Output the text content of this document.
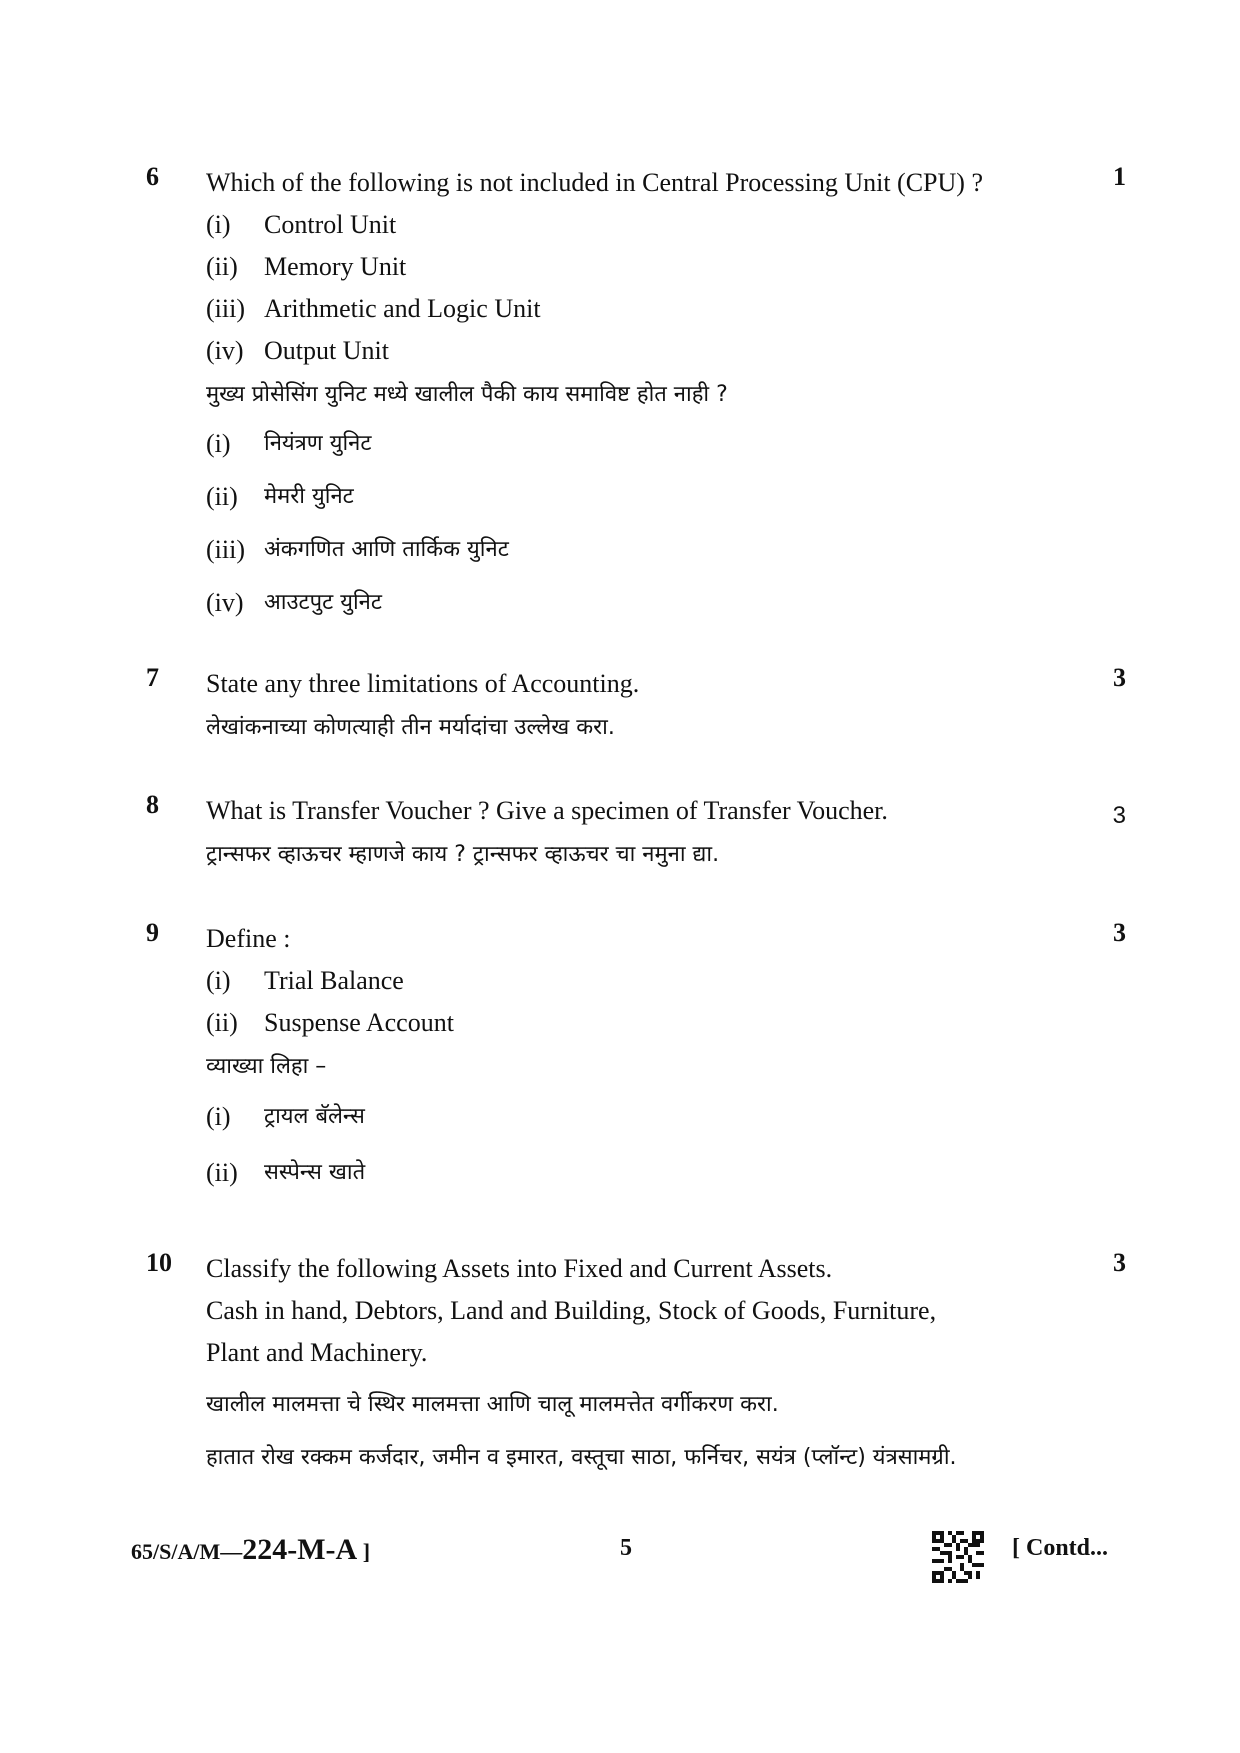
6	1
Which of the following is not included in Central Processing Unit (CPU) ?
(i)	Control Unit
(ii)	Memory Unit
(iii) Arithmetic and Logic Unit
(iv) Output Unit
मुख्य प्रोसेसिंग युनिट मध्ये खालील पैकी काय समाविष्ट होत नाही ?
(i)	नियंत्रण युनिट
(ii)	मेमरी युनिट
(iii) अंकगणित आणि तार्किक युनिट
(iv) आउटपुट युनिट
7	3
State any three limitations of Accounting.
लेखांकनाच्या कोणत्याही तीन मर्यादांचा उल्लेख करा.
8	3
What is Transfer Voucher ? Give a specimen of Transfer Voucher.
ट्रान्सफर व्हाऊचर म्हाणजे काय ? ट्रान्सफर व्हाऊचर चा नमुना द्या.
9	3
Define :
(i)	Trial Balance
(ii)	Suspense Account
व्याख्या लिहा –
(i)	ट्रायल बॅलेन्स
(ii)	सस्पेन्स खाते
10	3
Classify the following Assets into Fixed and Current Assets.
Cash in hand, Debtors, Land and Building, Stock of Goods, Furniture,
Plant and Machinery.
खालील मालमत्ता चे स्थिर मालमत्ता आणि चालू मालमत्तेत वर्गीकरण करा.
हातात रोख रक्कम कर्जदार, जमीन व इमारत, वस्तूचा साठा, फर्निचर, सयंत्र (प्लॉन्ट) यंत्रसामग्री.
65/S/A/M—224-M-A ]	5	[ Contd...
